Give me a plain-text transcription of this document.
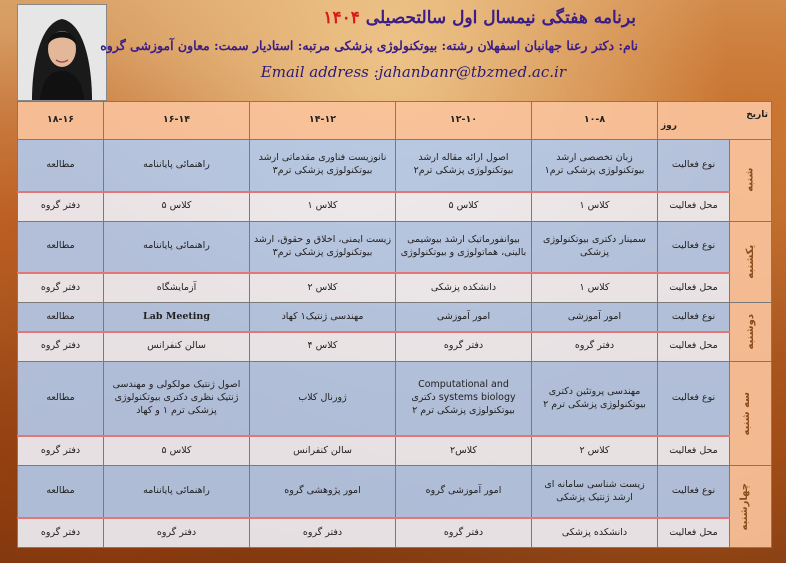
برنامه هفتگی نیمسال اول سالتحصیلی ۱۴۰۴
نام: دکتر رعنا جهانبان اسفهلان رشته: بیوتکنولوژی پزشکی مرتبه: استادیار سمت: معاون آموزشی گروه
Email address :jahanbanr@tbzmed.ac.ir
تاریخ
روز		۱۰-۸	۱۲-۱۰	۱۴-۱۲	۱۶-۱۴	۱۸-۱۶
شنبه	نوع فعالیت	زبان تخصصی ارشد بیوتکنولوژی پزشکی ترم۱	اصول ارائه مقاله ارشد بیوتکنولوژی پزشکی ترم۲	نانوزیست فناوری مقدماتی ارشد بیوتکنولوژی پزشکی ترم۳	راهنمائی پایاننامه	مطالعه
	محل فعالیت	کلاس ۱	کلاس ۵	کلاس ۱	کلاس ۵	دفتر گروه
یکشنبه	نوع فعالیت	سمینار دکتری بیوتکنولوژی پزشکی	بیوانفورماتیک ارشد بیوشیمی بالینی، هماتولوژی و بیوتکنولوژی	زیست ایمنی، اخلاق و حقوق، ارشد بیوتکنولوژی پزشکی ترم۳	راهنمائی پایاننامه	مطالعه
	محل فعالیت	کلاس ۱	دانشکده پزشکی	کلاس ۲	آزمایشگاه	دفتر گروه
دوشنبه	نوع فعالیت	امور آموزشی	امور آموزشی	مهندسی ژنتیک۱ کهاد	Lab Meeting	مطالعه
	محل فعالیت	دفتر گروه	دفتر گروه	کلاس ۴	سالن کنفرانس	دفتر گروه
سه شنبه	نوع فعالیت	مهندسی پروتئین دکتری بیوتکنولوژی پزشکی ترم ۲	Computational and systems biology دکتری بیوتکنولوژی پزشکی ترم ۲	ژورنال کلاب	اصول ژنتیک مولکولی و مهندسی ژنتیک نظری دکتری بیوتکنولوژی پزشکی ترم ۱ و کهاد	مطالعه
	محل فعالیت	کلاس ۲	کلاس۲	سالن کنفرانس	کلاس ۵	دفتر گروه
چهارشنبه	نوع فعالیت	زیست شناسی سامانه ای ارشد ژنتیک پزشکی	امور آموزشی گروه	امور پژوهشی گروه	راهنمائی پایاننامه	مطالعه
	محل فعالیت	دانشکده پزشکی	دفتر گروه	دفتر گروه	دفتر گروه	دفتر گروه
